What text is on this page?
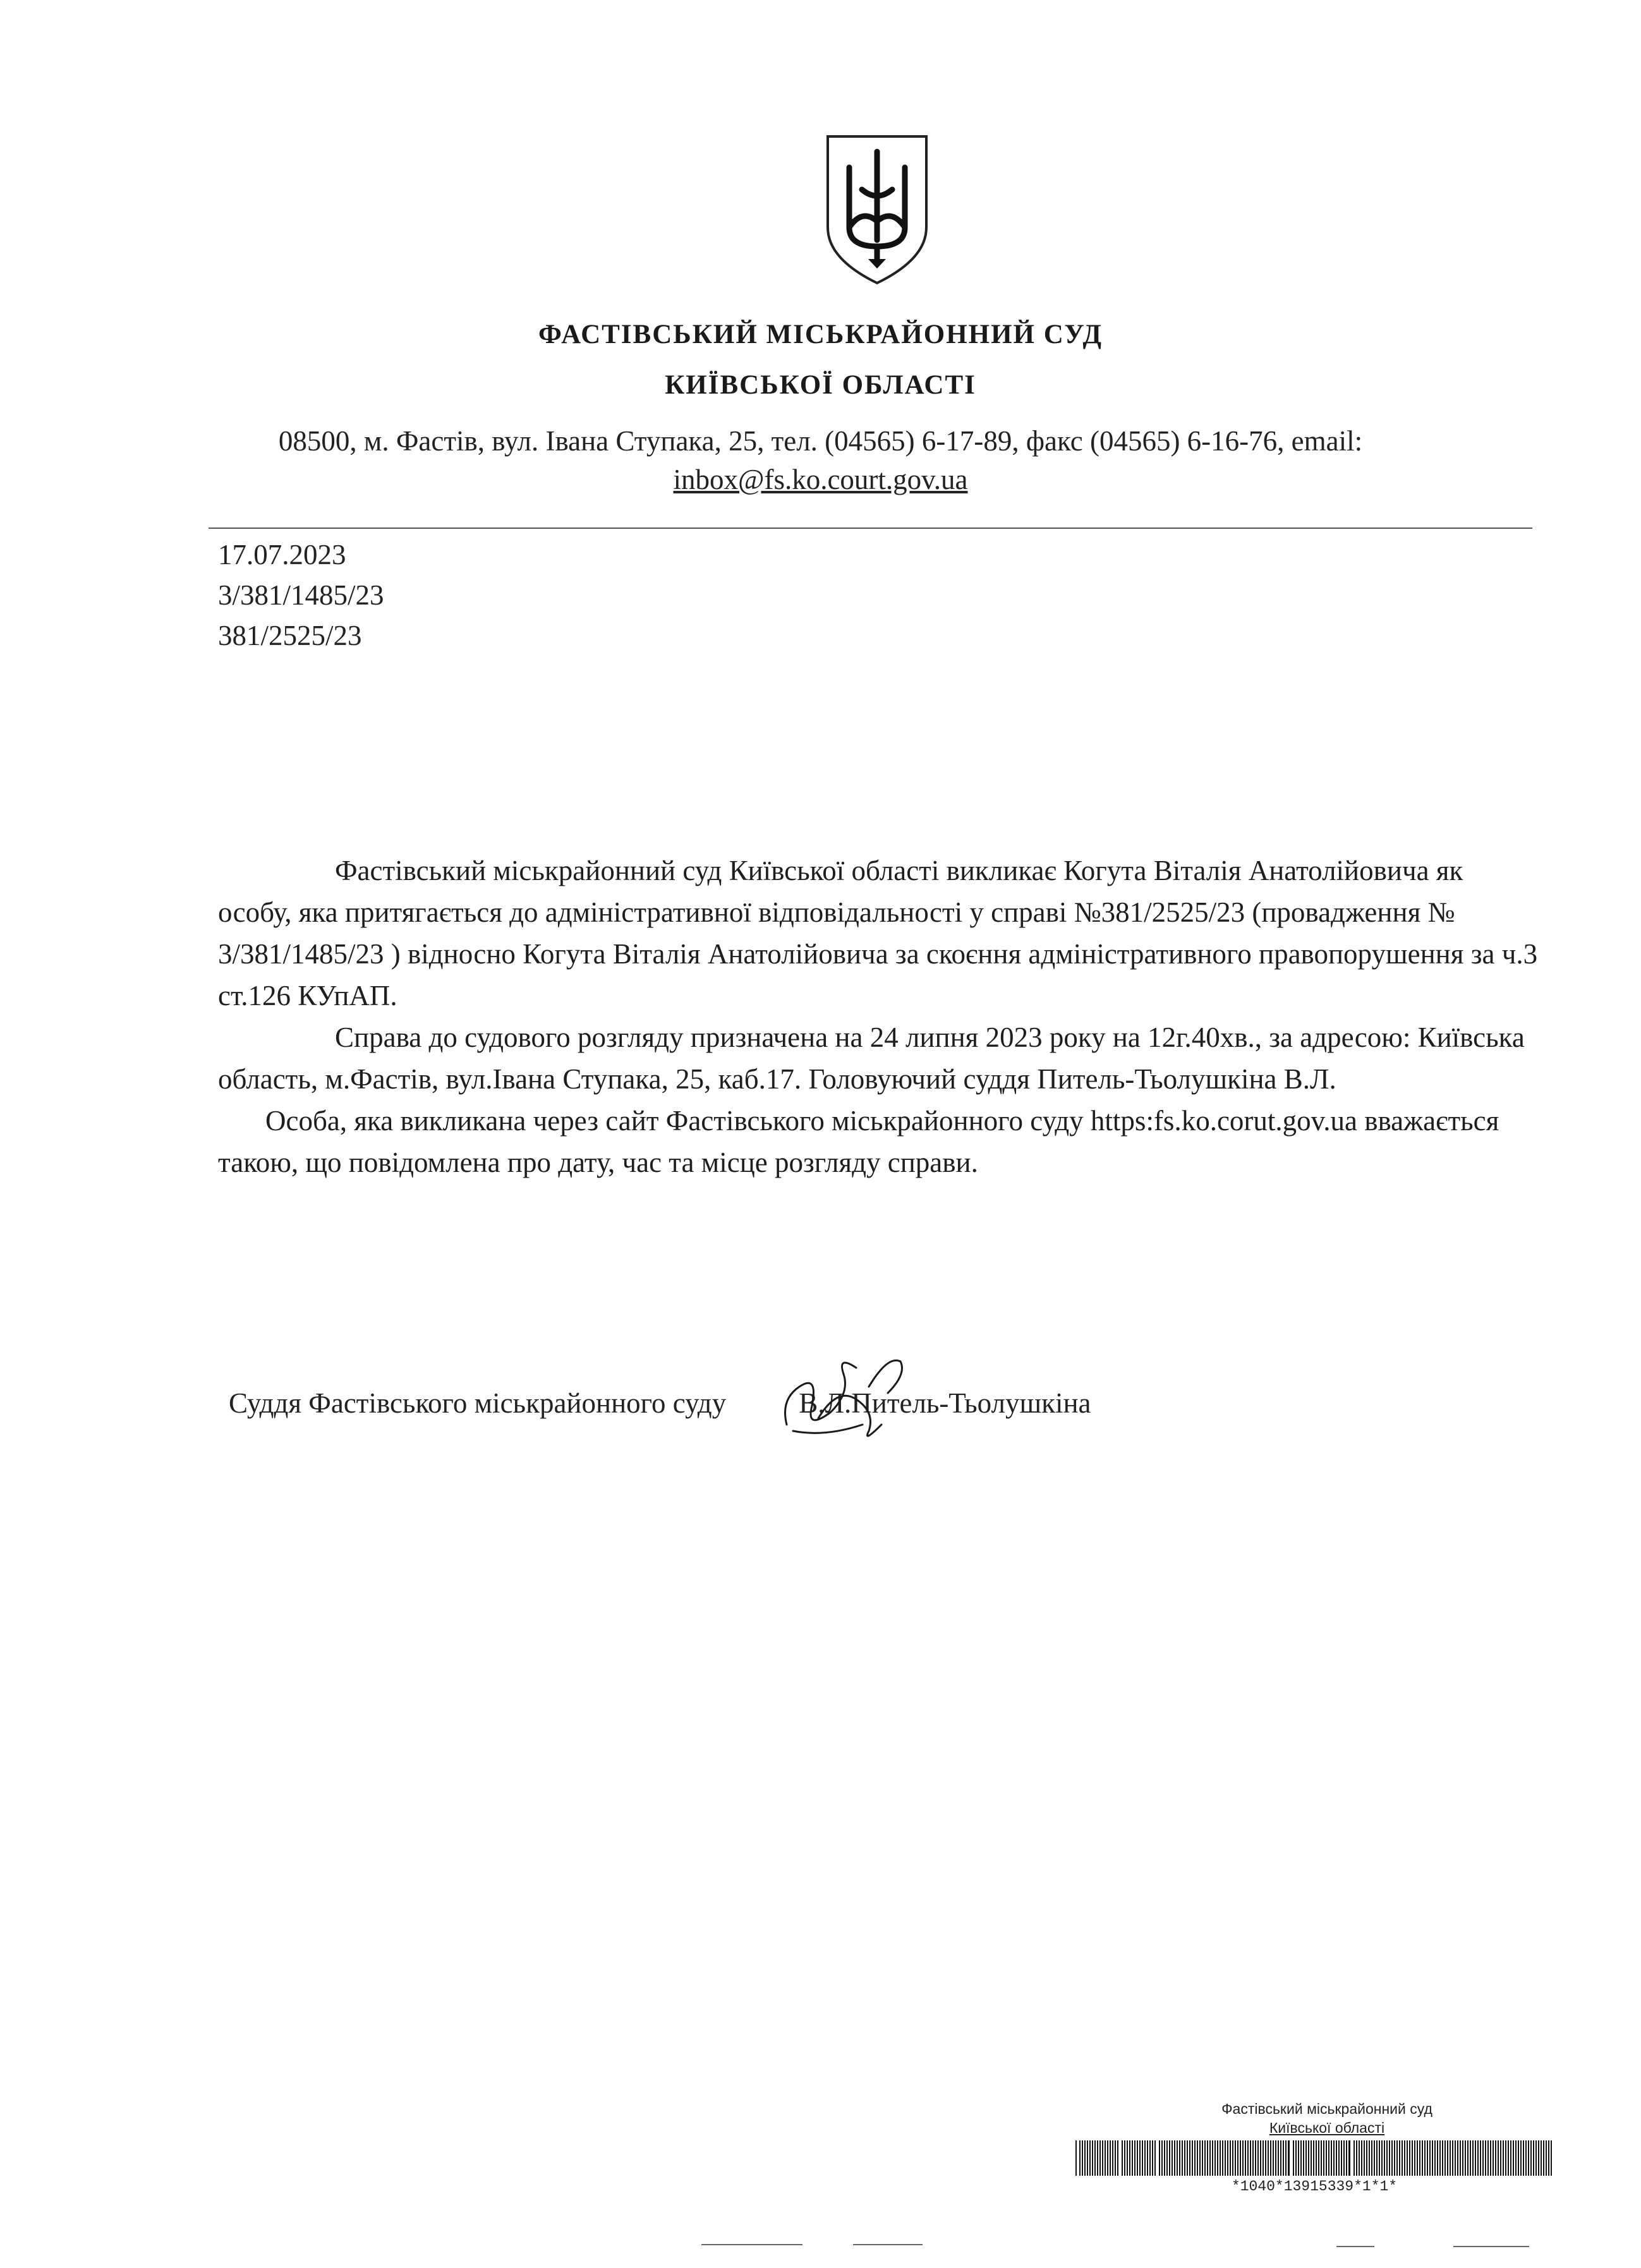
ФАСТІВСЬКИЙ МІСЬКРАЙОННИЙ СУД
КИЇВСЬКОЇ ОБЛАСТІ
08500, м. Фастів, вул. Івана Ступака, 25, тел. (04565) 6-17-89, факс (04565) 6-16-76, email:
inbox@fs.ko.court.gov.ua
17.07.2023
3/381/1485/23
381/2525/23

Фастівський міськрайонний суд Київської області викликає Когута Віталія Анатолійовича як особу, яка притягається до адміністративної відповідальності у справі №381/2525/23 (провадження № 3/381/1485/23 ) відносно Когута Віталія Анатолійовича за скоєння адміністративного правопорушення за ч.3 ст.126 КУпАП.

Справа до судового розгляду призначена на 24 липня 2023 року на 12г.40хв., за адресою: Київська область, м.Фастів, вул.Івана Ступака, 25, каб.17. Головуючий суддя Питель-Тьолушкіна В.Л.

Особа, яка викликана через сайт Фастівського міськрайонного суду https:fs.ko.corut.gov.ua вважається такою, що повідомлена про дату, час та місце розгляду справи.

Суддя Фастівського міськрайонного суду	В.Л.Питель-Тьолушкіна
Фастівський міськрайонний суд
Київської області
*1040*13915339*1*1*
